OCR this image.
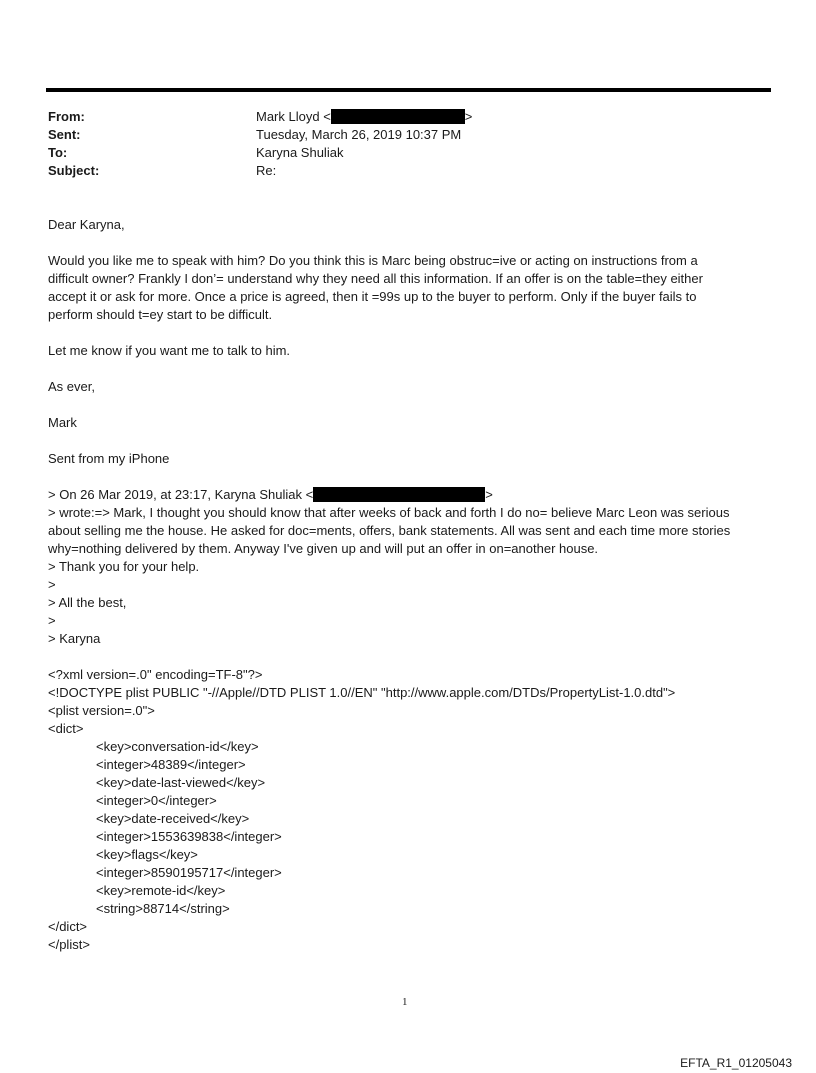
From:	Mark Lloyd <	>
Sent:	Tuesday, March 26, 2019 10:37 PM
To:	Karyna Shuliak
Subject:	Re:
Dear Karyna,
Would you like me to speak with him? Do you think this is Marc being obstruc=ive or acting on instructions from a
difficult owner? Frankly I don’= understand why they need all this information. If an offer is on the table=they either
accept it or ask for more. Once a price is agreed, then it =99s up to the buyer to perform. Only if the buyer fails to
perform should t=ey start to be difficult.
Let me know if you want me to talk to him.
As ever,
Mark
Sent from my iPhone
> On 26 Mar 2019, at 23:17, Karyna Shuliak <	>
> wrote:=> Mark, I thought you should know that after weeks of back and forth I do no= believe Marc Leon was serious
about selling me the house. He asked for doc=ments, offers, bank statements. All was sent and each time more stories
why=nothing delivered by them. Anyway I've given up and will put an offer in on=another house.
> Thank you for your help.
>
> All the best,
>
> Karyna
<?xml version=.0" encoding=TF-8"?>
<!DOCTYPE plist PUBLIC "-//Apple//DTD PLIST 1.0//EN" "http://www.apple.com/DTDs/PropertyList-1.0.dtd">
<plist version=.0">
<dict>
<key>conversation-id</key>
<integer>48389</integer>
<key>date-last-viewed</key>
<integer>0</integer>
<key>date-received</key>
<integer>1553639838</integer>
<key>flags</key>
<integer>8590195717</integer>
<key>remote-id</key>
<string>88714</string>
</dict>
</plist>
1
EFTA_R1_01205043
